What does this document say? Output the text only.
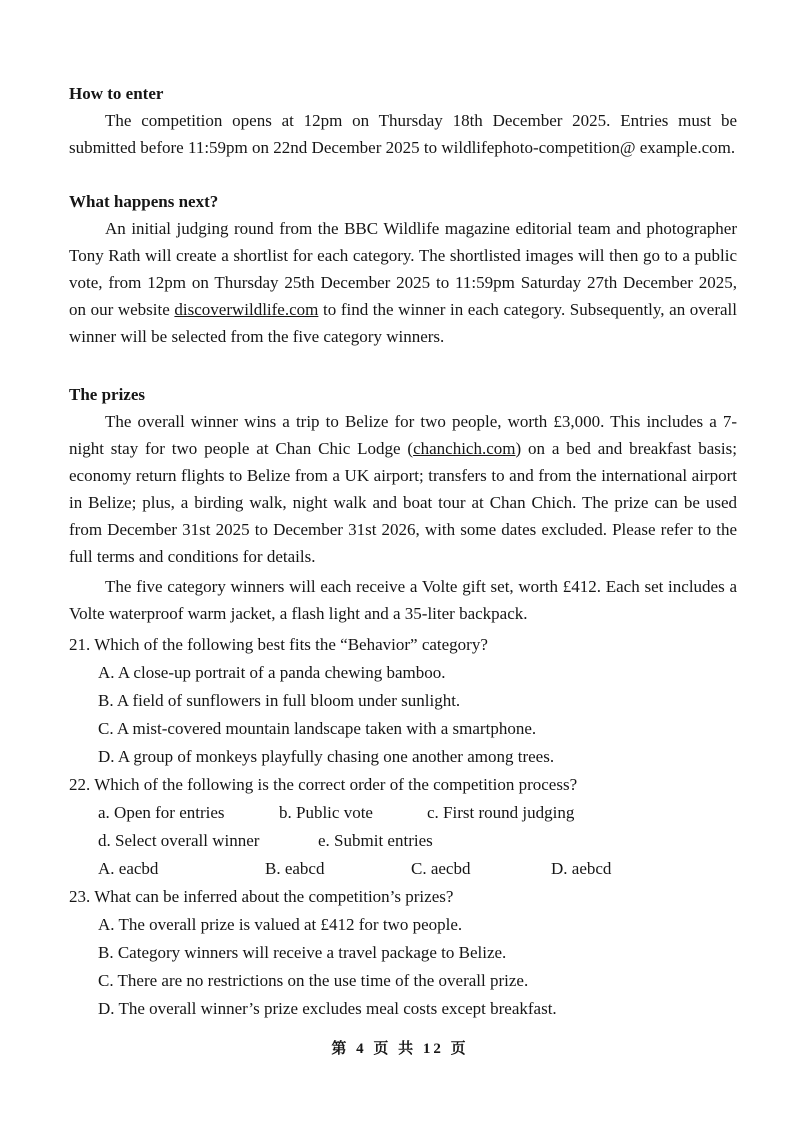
How to enter

The competition opens at 12pm on Thursday 18th December 2025. Entries must be submitted before 11:59pm on 22nd December 2025 to wildlifephoto-competition@ example.com.

What happens next?

An initial judging round from the BBC Wildlife magazine editorial team and photographer Tony Rath will create a shortlist for each category. The shortlisted images will then go to a public vote, from 12pm on Thursday 25th December 2025 to 11:59pm Saturday 27th December 2025, on our website discoverwildlife.com to find the winner in each category. Subsequently, an overall winner will be selected from the five category winners.

The prizes

The overall winner wins a trip to Belize for two people, worth £3,000. This includes a 7-night stay for two people at Chan Chic Lodge (chanchich.com) on a bed and breakfast basis; economy return flights to Belize from a UK airport; transfers to and from the international airport in Belize; plus, a birding walk, night walk and boat tour at Chan Chich. The prize can be used from December 31st 2025 to December 31st 2026, with some dates excluded. Please refer to the full terms and conditions for details.

The five category winners will each receive a Volte gift set, worth £412. Each set includes a Volte waterproof warm jacket, a flash light and a 35-liter backpack.

21. Which of the following best fits the “Behavior” category?
A. A close-up portrait of a panda chewing bamboo.
B. A field of sunflowers in full bloom under sunlight.
C. A mist-covered mountain landscape taken with a smartphone.
D. A group of monkeys playfully chasing one another among trees.
22. Which of the following is the correct order of the competition process?
a. Open for entries	b. Public vote	c. First round judging
d. Select overall winner	e. Submit entries
A. eacbd	B. eabcd	C. aecbd	D. aebcd
23. What can be inferred about the competition’s prizes?
A. The overall prize is valued at £412 for two people.
B. Category winners will receive a travel package to Belize.
C. There are no restrictions on the use time of the overall prize.
D. The overall winner’s prize excludes meal costs except breakfast.
第 4 页 共 12 页
